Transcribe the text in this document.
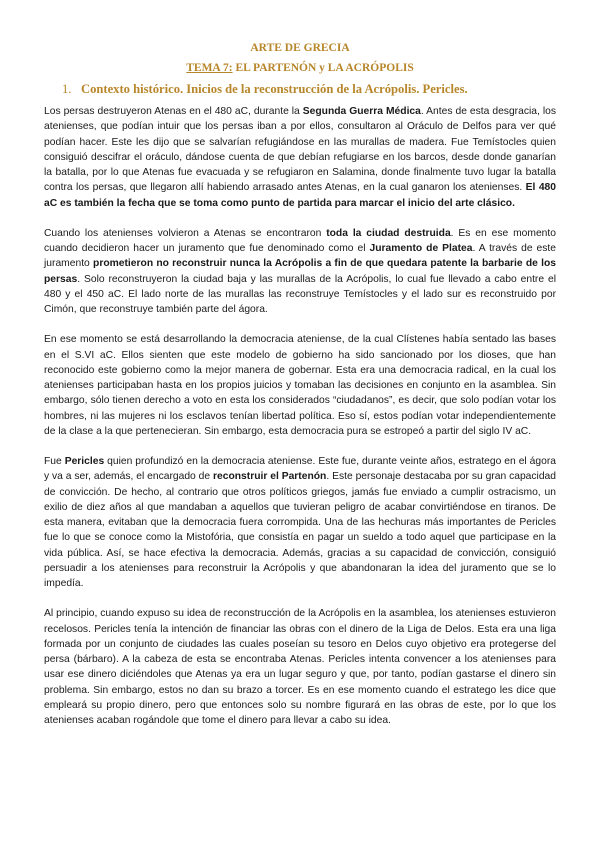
ARTE DE GRECIA
TEMA 7: EL PARTENÓN y LA ACRÓPOLIS
1. Contexto histórico. Inicios de la reconstrucción de la Acrópolis. Pericles.

Los persas destruyeron Atenas en el 480 aC, durante la Segunda Guerra Médica. Antes de esta desgracia, los atenienses, que podían intuir que los persas iban a por ellos, consultaron al Oráculo de Delfos para ver qué podían hacer. Este les dijo que se salvarían refugiándose en las murallas de madera. Fue Temístocles quien consiguió descifrar el oráculo, dándose cuenta de que debían refugiarse en los barcos, desde donde ganarían la batalla, por lo que Atenas fue evacuada y se refugiaron en Salamina, donde finalmente tuvo lugar la batalla contra los persas, que llegaron allí habiendo arrasado antes Atenas, en la cual ganaron los atenienses. El 480 aC es también la fecha que se toma como punto de partida para marcar el inicio del arte clásico.

Cuando los atenienses volvieron a Atenas se encontraron toda la ciudad destruida. Es en ese momento cuando decidieron hacer un juramento que fue denominado como el Juramento de Platea. A través de este juramento prometieron no reconstruir nunca la Acrópolis a fin de que quedara patente la barbarie de los persas. Solo reconstruyeron la ciudad baja y las murallas de la Acrópolis, lo cual fue llevado a cabo entre el 480 y el 450 aC. El lado norte de las murallas las reconstruye Temístocles y el lado sur es reconstruido por Cimón, que reconstruye también parte del ágora.

En ese momento se está desarrollando la democracia ateniense, de la cual Clístenes había sentado las bases en el S.VI aC. Ellos sienten que este modelo de gobierno ha sido sancionado por los dioses, que han reconocido este gobierno como la mejor manera de gobernar. Esta era una democracia radical, en la cual los atenienses participaban hasta en los propios juicios y tomaban las decisiones en conjunto en la asamblea. Sin embargo, sólo tienen derecho a voto en esta los considerados “ciudadanos”, es decir, que solo podían votar los hombres, ni las mujeres ni los esclavos tenían libertad política. Eso sí, estos podían votar independientemente de la clase a la que pertenecieran. Sin embargo, esta democracia pura se estropeó a partir del siglo IV aC.

Fue Pericles quien profundizó en la democracia ateniense. Este fue, durante veinte años, estratego en el ágora y va a ser, además, el encargado de reconstruir el Partenón. Este personaje destacaba por su gran capacidad de convicción. De hecho, al contrario que otros políticos griegos, jamás fue enviado a cumplir ostracismo, un exilio de diez años al que mandaban a aquellos que tuvieran peligro de acabar convirtiéndose en tiranos. De esta manera, evitaban que la democracia fuera corrompida. Una de las hechuras más importantes de Pericles fue lo que se conoce como la Mistofória, que consistía en pagar un sueldo a todo aquel que participase en la vida pública. Así, se hace efectiva la democracia. Además, gracias a su capacidad de convicción, consiguió persuadir a los atenienses para reconstruir la Acrópolis y que abandonaran la idea del juramento que se lo impedía.

Al principio, cuando expuso su idea de reconstrucción de la Acrópolis en la asamblea, los atenienses estuvieron recelosos. Pericles tenía la intención de financiar las obras con el dinero de la Liga de Delos. Esta era una liga formada por un conjunto de ciudades las cuales poseían su tesoro en Delos cuyo objetivo era protegerse del persa (bárbaro). A la cabeza de esta se encontraba Atenas. Pericles intenta convencer a los atenienses para usar ese dinero diciéndoles que Atenas ya era un lugar seguro y que, por tanto, podían gastarse el dinero sin problema. Sin embargo, estos no dan su brazo a torcer. Es en ese momento cuando el estratego les dice que empleará su propio dinero, pero que entonces solo su nombre figurará en las obras de este, por lo que los atenienses acaban rogándole que tome el dinero para llevar a cabo su idea.
